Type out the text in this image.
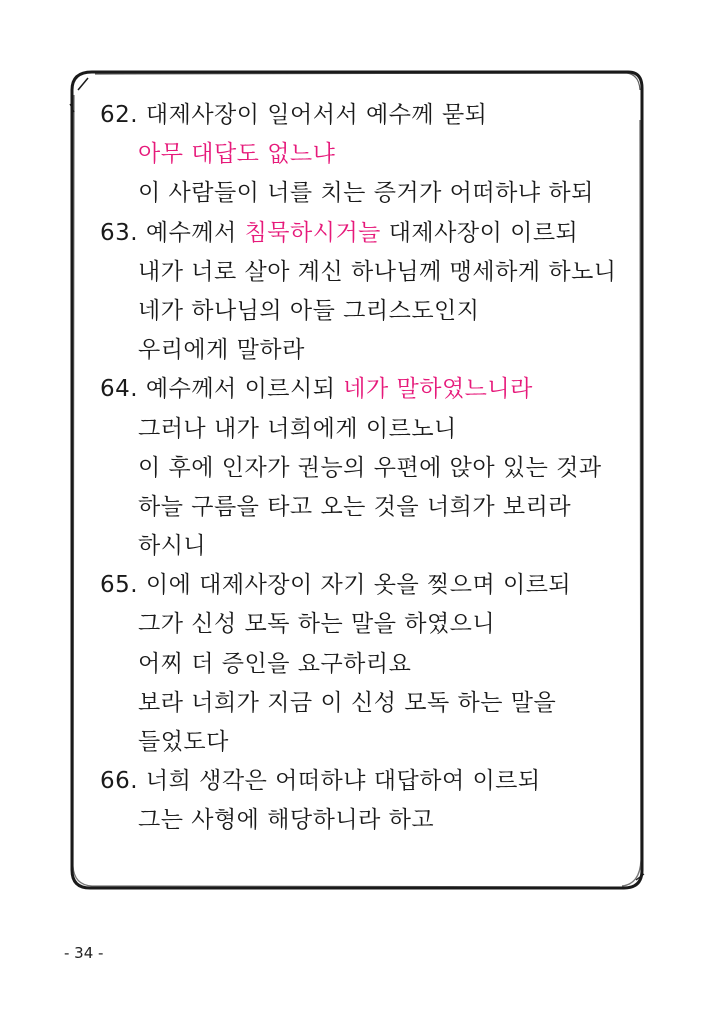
62. 대제사장이 일어서서 예수께 묻되
아무 대답도 없느냐
이 사람들이 너를 치는 증거가 어떠하냐 하되
63. 예수께서 침묵하시거늘 대제사장이 이르되
내가 너로 살아 계신 하나님께 맹세하게 하노니
네가 하나님의 아들 그리스도인지
우리에게 말하라
64. 예수께서 이르시되 네가 말하였느니라
그러나 내가 너희에게 이르노니
이 후에 인자가 권능의 우편에 앉아 있는 것과
하늘 구름을 타고 오는 것을 너희가 보리라
하시니
65. 이에 대제사장이 자기 옷을 찢으며 이르되
그가 신성 모독 하는 말을 하였으니
어찌 더 증인을 요구하리요
보라 너희가 지금 이 신성 모독 하는 말을
들었도다
66. 너희 생각은 어떠하냐 대답하여 이르되
그는 사형에 해당하니라 하고
- 34 -
